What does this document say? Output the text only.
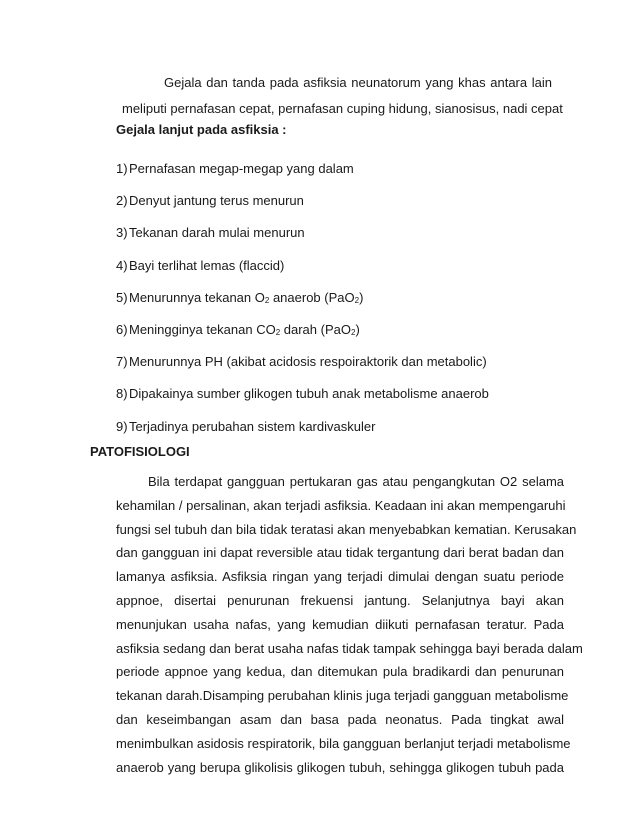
Gejala dan tanda pada asfiksia neunatorum yang khas antara lain
meliputi pernafasan cepat, pernafasan cuping hidung, sianosisus, nadi cepat
Gejala lanjut pada asfiksia :
1)Pernafasan megap-megap yang dalam
2)Denyut jantung terus menurun
3)Tekanan darah mulai menurun
4)Bayi terlihat lemas (flaccid)
5)Menurunnya tekanan $O_2$ anaerob (PaO$_2$)
6)Meningginya tekanan $CO_2$ darah (PaO$_2$)
7)Menurunnya PH (akibat acidosis respoiraktorik dan metabolic)
8)Dipakainya sumber glikogen tubuh anak metabolisme anaerob
9)Terjadinya perubahan sistem kardivaskuler
PATOFISIOLOGI
Bila terdapat gangguan pertukaran gas atau pengangkutan O2 selama
kehamilan / persalinan, akan terjadi asfiksia. Keadaan ini akan mempengaruhi
fungsi sel tubuh dan bila tidak teratasi akan menyebabkan kematian. Kerusakan
dan gangguan ini dapat reversible atau tidak tergantung dari berat badan dan
lamanya asfiksia. Asfiksia ringan yang terjadi dimulai dengan suatu periode
appnoe, disertai penurunan frekuensi jantung. Selanjutnya bayi akan
menunjukan usaha nafas, yang kemudian diikuti pernafasan teratur. Pada
asfiksia sedang dan berat usaha nafas tidak tampak sehingga bayi berada dalam
periode appnoe yang kedua, dan ditemukan pula bradikardi dan penurunan
tekanan darah.Disamping perubahan klinis juga terjadi gangguan metabolisme
dan keseimbangan asam dan basa pada neonatus. Pada tingkat awal
menimbulkan asidosis respiratorik, bila gangguan berlanjut terjadi metabolisme
anaerob yang berupa glikolisis glikogen tubuh, sehingga glikogen tubuh pada
